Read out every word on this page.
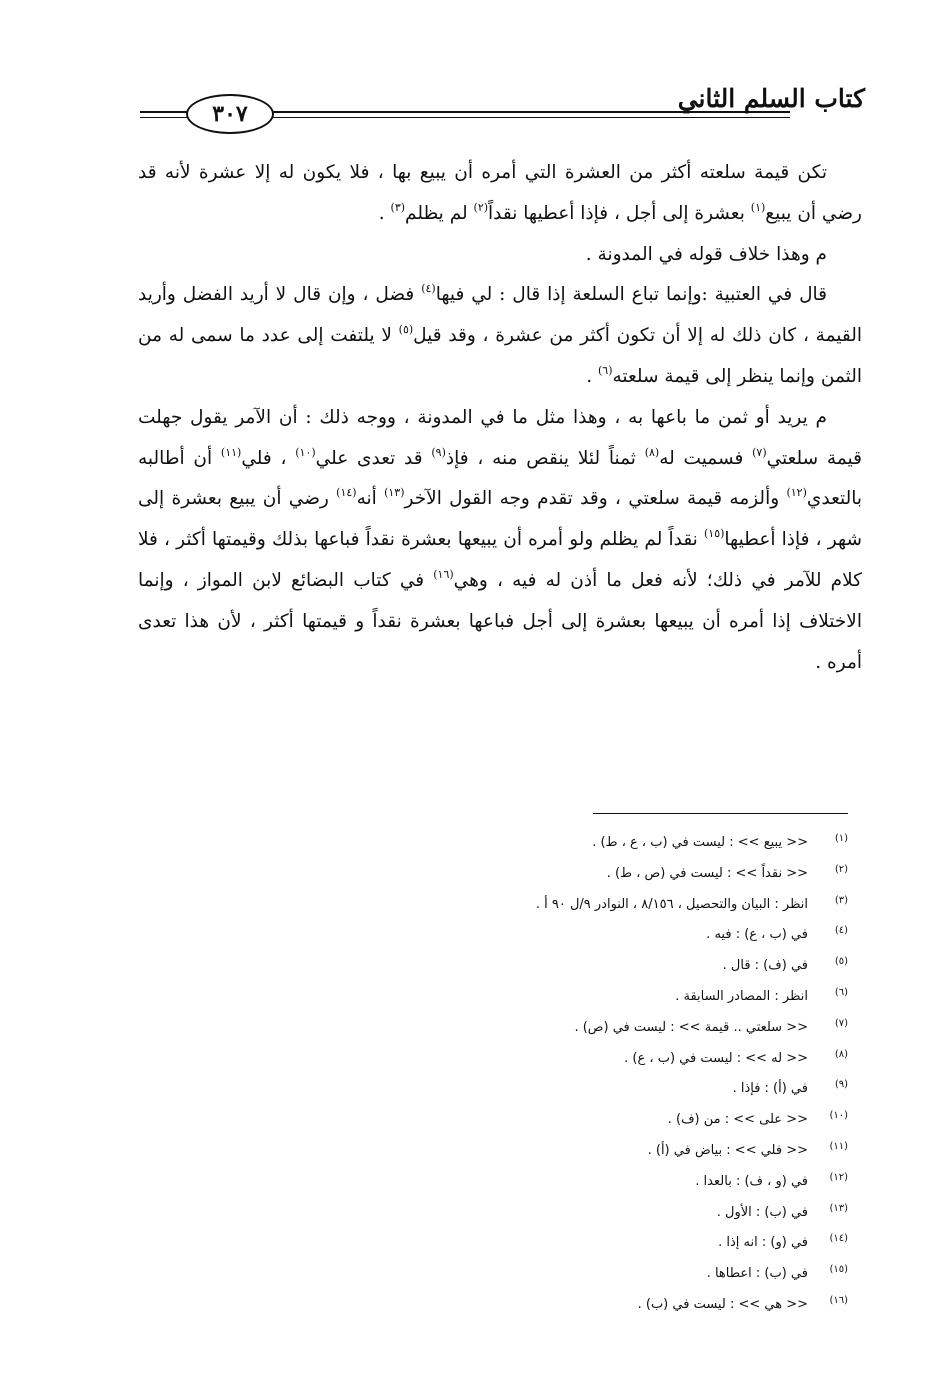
٣٠٧
كتاب السلم الثاني

تكن قيمة سلعته أكثر من العشرة التي أمره أن يبيع بها ، فلا يكون له إلا عشرة لأنه قد رضي أن يبيع$^{(١)}$ بعشرة إلى أجل ، فإذا أعطيها نقداً$^{(٢)}$ لم يظلم$^{(٣)}$ .

م وهذا خلاف قوله في المدونة .

قال في العتبية :وإنما تباع السلعة إذا قال : لي فيها$^{(٤)}$ فضل ، وإن قال لا أريد الفضل وأريد القيمة ، كان ذلك له إلا أن تكون أكثر من عشرة ، وقد قيل$^{(٥)}$ لا يلتفت إلى عدد ما سمى له من الثمن وإنما ينظر إلى قيمة سلعته$^{(٦)}$ .

م يريد أو ثمن ما باعها به ، وهذا مثل ما في المدونة ، ووجه ذلك : أن الآمر يقول جهلت قيمة سلعتي$^{(٧)}$ فسميت له$^{(٨)}$ ثمناً لئلا ينقص منه ، فإذ$^{(٩)}$ قد تعدى علي$^{(١٠)}$ ، فلي$^{(١١)}$ أن أطالبه بالتعدي$^{(١٢)}$ وألزمه قيمة سلعتي ، وقد تقدم وجه القول الآخر$^{(١٣)}$ أنه$^{(١٤)}$ رضي أن يبيع بعشرة إلى شهر ، فإذا أعطيها$^{(١٥)}$ نقداً لم يظلم ولو أمره أن يبيعها بعشرة نقداً فباعها بذلك وقيمتها أكثر ، فلا كلام للآمر في ذلك؛ لأنه فعل ما أذن له فيه ، وهي$^{(١٦)}$ في كتاب البضائع لابن المواز ، وإنما الاختلاف إذا أمره أن يبيعها بعشرة إلى أجل فباعها بعشرة نقداً و قيمتها أكثر ، لأن هذا تعدى أمره .

(١)<< يبيع >> : ليست في (ب ، ع ، ط) .
(٢)<< نقداً >> : ليست في (ص ، ط) .
(٣)انظر : البيان والتحصيل ، ٨/١٥٦ ، النوادر ٩/ل ٩٠ أ .
(٤)في (ب ، ع) : فيه .
(٥)في (ف) : قال .
(٦)انظر : المصادر السابقة .
(٧)<< سلعتي .. قيمة >> : ليست في (ص) .
(٨)<< له >> : ليست في (ب ، ع) .
(٩)في (أ) : فإذا .
(١٠)<< على >> : من (ف) .
(١١)<< فلي >> : بياض في (أ) .
(١٢)في (و ، ف) : بالعدا .
(١٣)في (ب) : الأول .
(١٤)في (و) : انه إذا .
(١٥)في (ب) : اعطاها .
(١٦)<< هي >> : ليست في (ب) .
